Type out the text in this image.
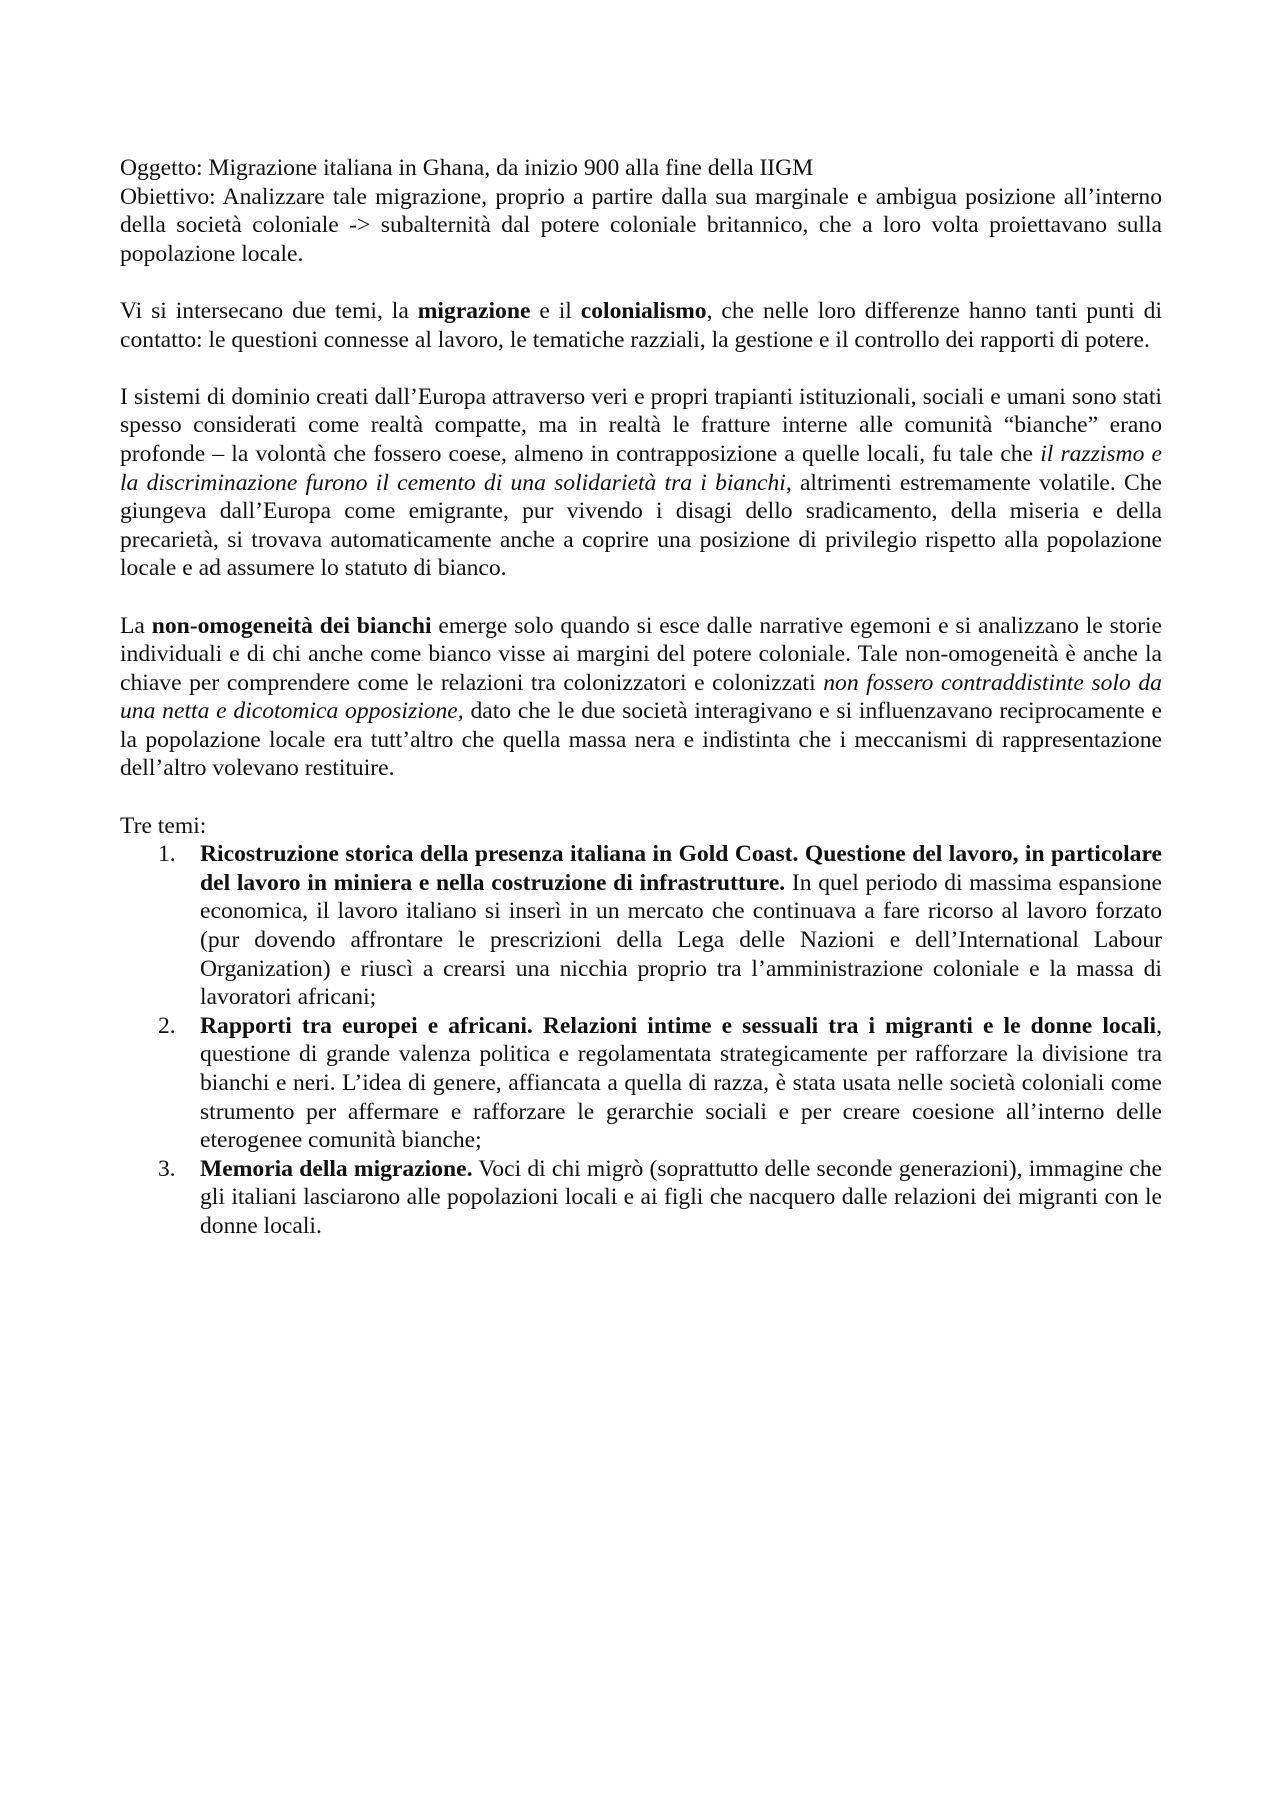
Oggetto: Migrazione italiana in Ghana, da inizio 900 alla fine della IIGM

Obiettivo: Analizzare tale migrazione, proprio a partire dalla sua marginale e ambigua posizione all’interno della società coloniale -> subalternità dal potere coloniale britannico, che a loro volta proiettavano sulla popolazione locale.

Vi si intersecano due temi, la migrazione e il colonialismo, che nelle loro differenze hanno tanti punti di contatto: le questioni connesse al lavoro, le tematiche razziali, la gestione e il controllo dei rapporti di potere.

I sistemi di dominio creati dall’Europa attraverso veri e propri trapianti istituzionali, sociali e umani sono stati spesso considerati come realtà compatte, ma in realtà le fratture interne alle comunità “bianche” erano profonde – la volontà che fossero coese, almeno in contrapposizione a quelle locali, fu tale che il razzismo e la discriminazione furono il cemento di una solidarietà tra i bianchi, altrimenti estremamente volatile. Che giungeva dall’Europa come emigrante, pur vivendo i disagi dello sradicamento, della miseria e della precarietà, si trovava automaticamente anche a coprire una posizione di privilegio rispetto alla popolazione locale e ad assumere lo statuto di bianco.

La non-omogeneità dei bianchi emerge solo quando si esce dalle narrative egemoni e si analizzano le storie individuali e di chi anche come bianco visse ai margini del potere coloniale. Tale non-omogeneità è anche la chiave per comprendere come le relazioni tra colonizzatori e colonizzati non fossero contraddistinte solo da una netta e dicotomica opposizione, dato che le due società interagivano e si influenzavano reciprocamente e la popolazione locale era tutt’altro che quella massa nera e indistinta che i meccanismi di rappresentazione dell’altro volevano restituire.

Tre temi:

1. Ricostruzione storica della presenza italiana in Gold Coast. Questione del lavoro, in particolare del lavoro in miniera e nella costruzione di infrastrutture. In quel periodo di massima espansione economica, il lavoro italiano si inserì in un mercato che continuava a fare ricorso al lavoro forzato (pur dovendo affrontare le prescrizioni della Lega delle Nazioni e dell’International Labour Organization) e riuscì a crearsi una nicchia proprio tra l’amministrazione coloniale e la massa di lavoratori africani;
2. Rapporti tra europei e africani. Relazioni intime e sessuali tra i migranti e le donne locali, questione di grande valenza politica e regolamentata strategicamente per rafforzare la divisione tra bianchi e neri. L’idea di genere, affiancata a quella di razza, è stata usata nelle società coloniali come strumento per affermare e rafforzare le gerarchie sociali e per creare coesione all’interno delle eterogenee comunità bianche;
3. Memoria della migrazione. Voci di chi migrò (soprattutto delle seconde generazioni), immagine che gli italiani lasciarono alle popolazioni locali e ai figli che nacquero dalle relazioni dei migranti con le donne locali.
